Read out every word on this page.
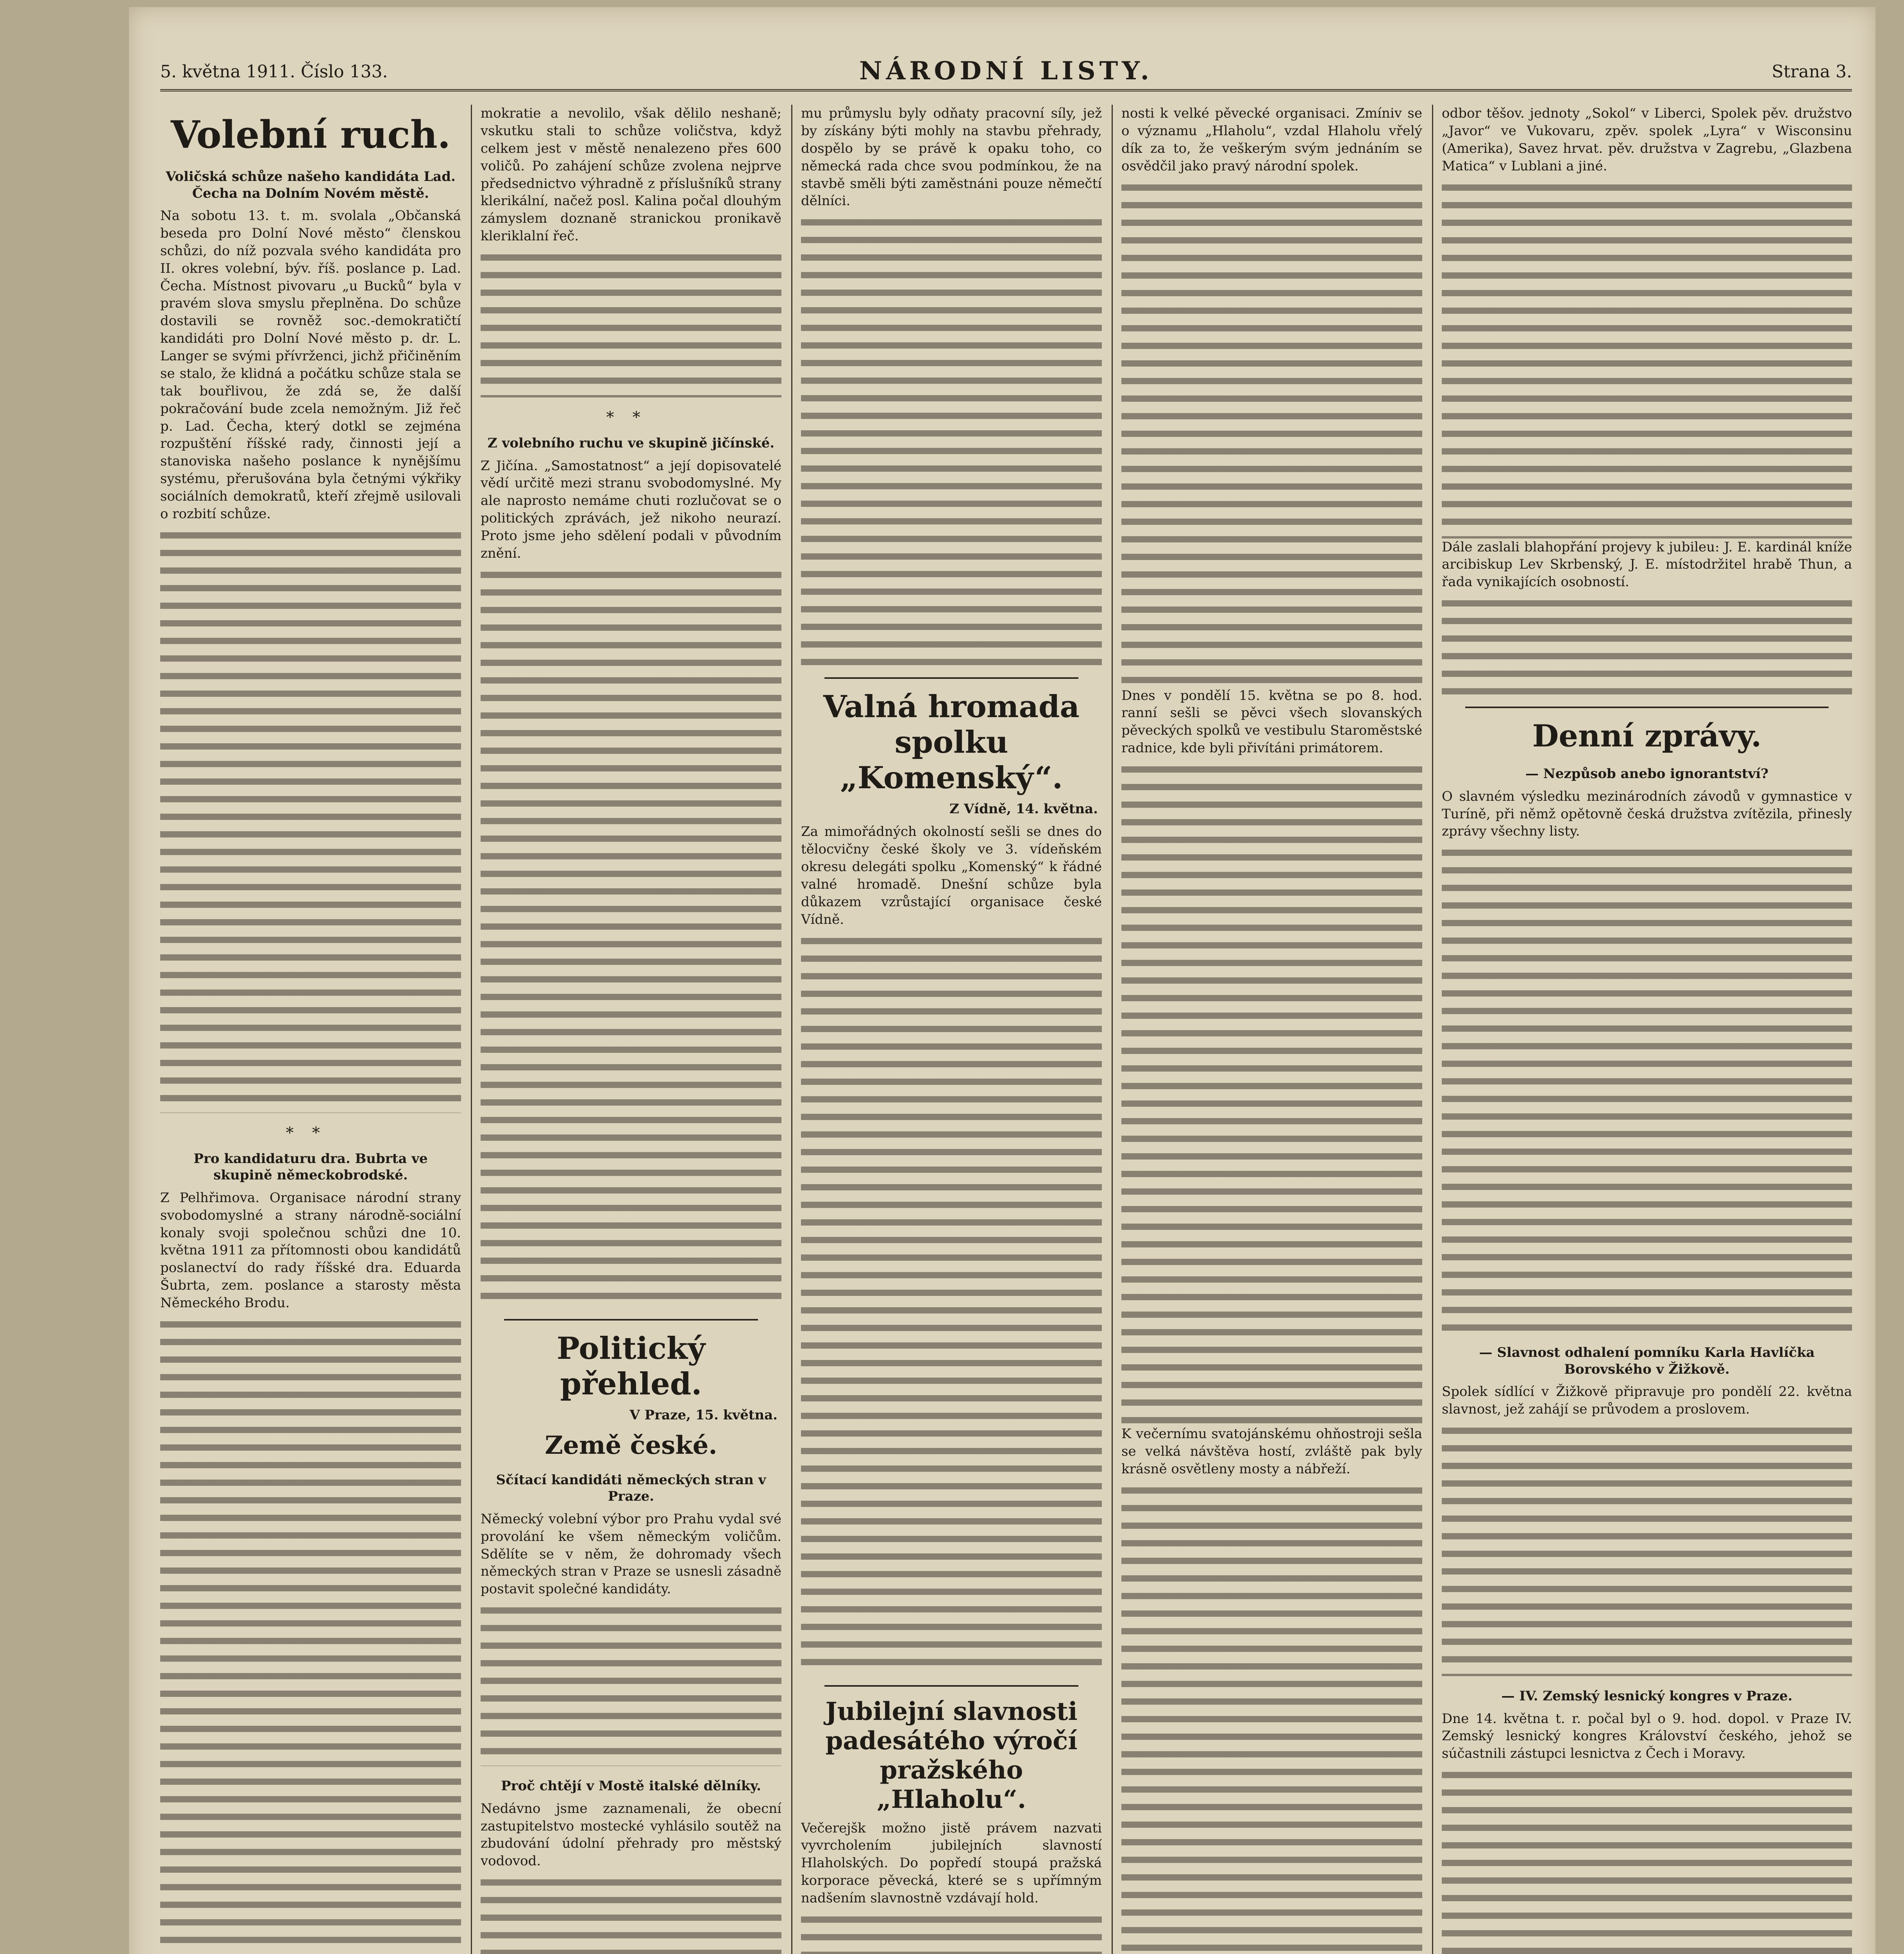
5. května 1911. Číslo 133.	NÁRODNÍ LISTY.	Strana 3.
Volební ruch.
Voličská schůze našeho kandidáta Lad. Čecha na Dolním Novém městě.

Na sobotu 13. t. m. svolala „Občanská beseda pro Dolní Nové město“ členskou schůzi, do níž pozvala svého kandidáta pro II. okres volební, býv. říš. poslance p. Lad. Čecha. Místnost pivovaru „u Bucků“ byla v pravém slova smyslu přeplněna. Do schůze dostavili se rovněž soc.-demokratičtí kandidáti pro Dolní Nové město p. dr. L. Langer se svými přívrženci, jichž přičiněním se stalo, že klidná a počátku schůze stala se tak bouřlivou, že zdá se, že další pokračování bude zcela nemožným. Již řeč p. Lad. Čecha, který dotkl se zejména rozpuštění říšské rady, činnosti její a stanoviska našeho poslance k nynějšímu systému, přerušována byla četnými výkřiky sociálních demokratů, kteří zřejmě usilovali o rozbití schůze.

∗∗
Pro kandidaturu dra. Bubrta ve skupině německobrodské.

Z Pelhřimova. Organisace národní strany svobodomyslné a strany národně-sociální konaly svoji společnou schůzi dne 10. května 1911 za přítomnosti obou kandidátů poslanectví do rady říšské dra. Eduarda Šubrta, zem. poslance a starosty města Německého Brodu.

mokratie a nevolilo, však dělilo neshaně; vskutku stali to schůze voličstva, když celkem jest v městě nenalezeno přes 600 voličů. Po zahájení schůze zvolena nejprve předsednictvo výhradně z příslušníků strany klerikální, načež posl. Kalina počal dlouhým zámyslem doznaně stranickou pronikavě kleriklalní řeč.

∗∗
Z volebního ruchu ve skupině jičínské.

Z Jičína. „Samostatnost“ a její dopisovatelé vědí určitě mezi stranu svobodomyslné. My ale naprosto nemáme chuti rozlučovat se o politických zprávách, jež nikoho neurazí. Proto jsme jeho sdělení podali v původním znění.

Politický přehled.
V Praze, 15. května.
Země české.
Sčítací kandidáti německých stran v Praze.

Německý volební výbor pro Prahu vydal své provolání ke všem německým voličům. Sdělíte se v něm, že dohromady všech německých stran v Praze se usnesli zásadně postavit společné kandidáty.

Proč chtějí v Mostě italské dělníky.

Nedávno jsme zaznamenali, že obecní zastupitelstvo mostecké vyhlásilo soutěž na zbudování údolní přehrady pro městský vodovod.

mu průmyslu byly odňaty pracovní síly, jež by získány býti mohly na stavbu přehrady, dospělo by se právě k opaku toho, co německá rada chce svou podmínkou, že na stavbě směli býti zaměstnáni pouze němečtí dělníci.

Valná hromada spolku „Komenský“.
Z Vídně, 14. května.

Za mimořádných okolností sešli se dnes do tělocvičny české školy ve 3. vídeňském okresu delegáti spolku „Komenský“ k řádné valné hromadě. Dnešní schůze byla důkazem vzrůstající organisace české Vídně.

Jubilejní slavnosti padesátého výročí pražského „Hlaholu“.

Večerejšk možno jistě právem nazvati vyvrcholením jubilejních slavností Hlaholských. Do popředí stoupá pražská korporace pěvecká, které se s upřímným nadšením slavnostně vzdávají hold.

nosti k velké pěvecké organisaci. Zmíniv se o významu „Hlaholu“, vzdal Hlaholu vřelý dík za to, že veškerým svým jednáním se osvědčil jako pravý národní spolek.

Dnes v pondělí 15. května se po 8. hod. ranní sešli se pěvci všech slovanských pěveckých spolků ve vestibulu Staroměstské radnice, kde byli přivítáni primátorem.

K večernímu svatojánskému ohňostroji sešla se velká návštěva hostí, zvláště pak byly krásně osvětleny mosty a nábřeží.

odbor těšov. jednoty „Sokol“ v Liberci, Spolek pěv. družstvo „Javor“ ve Vukovaru, zpěv. spolek „Lyra“ v Wisconsinu (Amerika), Savez hrvat. pěv. družstva v Zagrebu, „Glazbena Matica“ v Lublani a jiné.

Dále zaslali blahopřání projevy k jubileu: J. E. kardinál kníže arcibiskup Lev Skrbenský, J. E. místodržitel hrabě Thun, a řada vynikajících osobností.

Denní zprávy.
— Nezpůsob anebo ignorantství?

O slavném výsledku mezinárodních závodů v gymnastice v Turíně, při němž opětovně česká družstva zvítězila, přinesly zprávy všechny listy.

— Slavnost odhalení pomníku Karla Havlíčka Borovského v Žižkově.

Spolek sídlící v Žižkově připravuje pro pondělí 22. května slavnost, jež zahájí se průvodem a proslovem.

— IV. Zemský lesnický kongres v Praze.

Dne 14. května t. r. počal byl o 9. hod. dopol. v Praze IV. Zemský lesnický kongres Království českého, jehož se súčastnili zástupci lesnictva z Čech i Moravy.
